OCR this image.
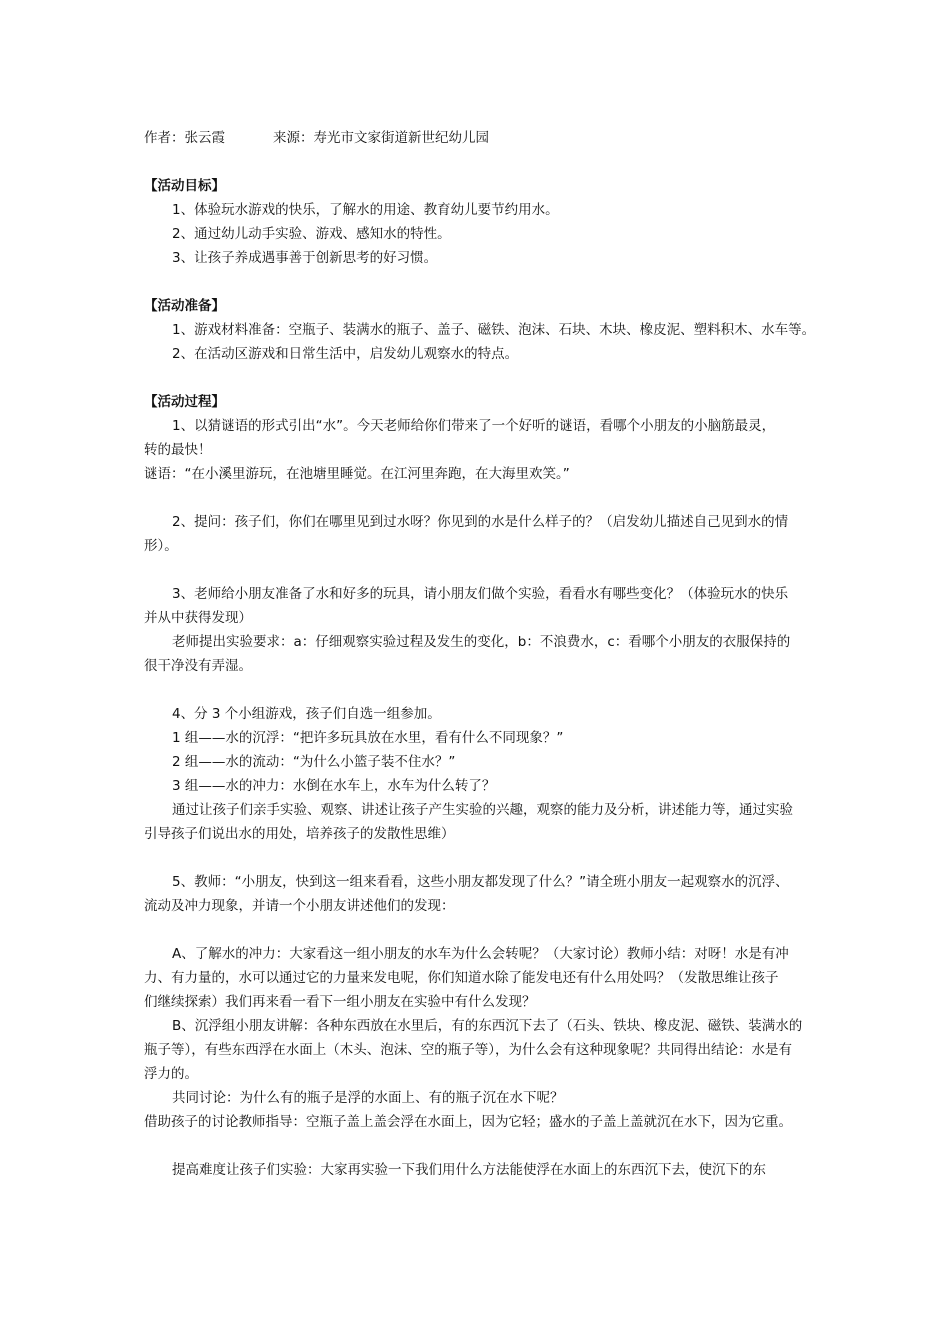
作者：张云霞	来源：寿光市文家街道新世纪幼儿园
【活动目标】
1、体验玩水游戏的快乐，了解水的用途、教育幼儿要节约用水。
2、通过幼儿动手实验、游戏、感知水的特性。
3、让孩子养成遇事善于创新思考的好习惯。
【活动准备】
1、游戏材料准备：空瓶子、装满水的瓶子、盖子、磁铁、泡沫、石块、木块、橡皮泥、塑料积木、水车等。
2、在活动区游戏和日常生活中，启发幼儿观察水的特点。
【活动过程】
1、以猜谜语的形式引出“水”。今天老师给你们带来了一个好听的谜语，看哪个小朋友的小脑筋最灵，
转的最快！
谜语：“在小溪里游玩，在池塘里睡觉。在江河里奔跑，在大海里欢笑。”
2、提问：孩子们，你们在哪里见到过水呀？你见到的水是什么样子的？（启发幼儿描述自己见到水的情
形）。
3、老师给小朋友准备了水和好多的玩具，请小朋友们做个实验，看看水有哪些变化？（体验玩水的快乐
并从中获得发现）
老师提出实验要求：a：仔细观察实验过程及发生的变化，b：不浪费水，c：看哪个小朋友的衣服保持的
很干净没有弄湿。
4、分 3 个小组游戏，孩子们自选一组参加。
1 组——水的沉浮：“把许多玩具放在水里，看有什么不同现象？”
2 组——水的流动：“为什么小篮子装不住水？”
3 组——水的冲力：水倒在水车上，水车为什么转了？
通过让孩子们亲手实验、观察、讲述让孩子产生实验的兴趣，观察的能力及分析，讲述能力等，通过实验
引导孩子们说出水的用处，培养孩子的发散性思维）
5、教师：“小朋友，快到这一组来看看，这些小朋友都发现了什么？”请全班小朋友一起观察水的沉浮、
流动及冲力现象，并请一个小朋友讲述他们的发现：
A、了解水的冲力：大家看这一组小朋友的水车为什么会转呢？（大家讨论）教师小结：对呀！水是有冲
力、有力量的，水可以通过它的力量来发电呢，你们知道水除了能发电还有什么用处吗？（发散思维让孩子
们继续探索）我们再来看一看下一组小朋友在实验中有什么发现？
B、沉浮组小朋友讲解：各种东西放在水里后，有的东西沉下去了（石头、铁块、橡皮泥、磁铁、装满水的
瓶子等），有些东西浮在水面上（木头、泡沫、空的瓶子等），为什么会有这种现象呢？共同得出结论：水是有
浮力的。
共同讨论：为什么有的瓶子是浮的水面上、有的瓶子沉在水下呢？
借助孩子的讨论教师指导：空瓶子盖上盖会浮在水面上，因为它轻；盛水的子盖上盖就沉在水下，因为它重。
提高难度让孩子们实验：大家再实验一下我们用什么方法能使浮在水面上的东西沉下去，使沉下的东
